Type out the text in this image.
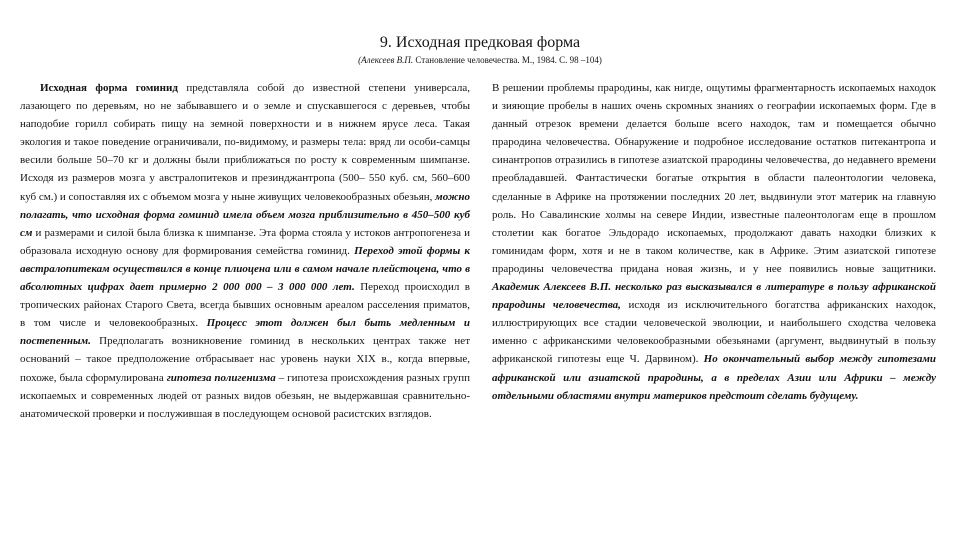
9. Исходная предковая форма
(Алексеев В.П. Становление человечества. М., 1984. С. 98 –104)

Исходная форма гоминид представляла собой до известной степени универсала, лазающего по деревьям, но не забывавшего и о земле и спускавшегося с деревьев, чтобы наподобие горилл собирать пищу на земной поверхности и в нижнем ярусе леса. Такая экология и такое поведение ограничивали, по-видимому, и размеры тела: вряд ли особи-самцы весили больше 50–70 кг и должны были приближаться по росту к современным шимпанзе. Исходя из размеров мозга у австралопитеков и презинджантропа (500– 550 куб. см, 560–600 куб см.) и сопоставляя их с объемом мозга у ныне живущих человекообразных обезьян, можно полагать, что исходная форма гоминид имела объем мозга приблизительно в 450–500 куб см и размерами и силой была близка к шимпанзе. Эта форма стояла у истоков антропогенеза и образовала исходную основу для формирования семейства гоминид. Переход этой формы к австралопитекам осуществился в конце плиоцена или в самом начале плейстоцена, что в абсолютных цифрах дает примерно 2 000 000 – 3 000 000 лет. Переход происходил в тропических районах Старого Света, всегда бывших основным ареалом расселения приматов, в том числе и человекообразных. Процесс этот должен был быть медленным и постепенным. Предполагать возникновение гоминид в нескольких центрах также нет оснований – такое предположение отбрасывает нас уровень науки XIX в., когда впервые, похоже, была сформулирована гипотеза полигенизма – гипотеза происхождения разных групп ископаемых и современных людей от разных видов обезьян, не выдержавшая сравнительно-анатомической проверки и послужившая в последующем основой расистских взглядов.

В решении проблемы прародины, как нигде, ощутимы фрагментарность ископаемых находок и зияющие пробелы в наших очень скромных знаниях о географии ископаемых форм. Где в данный отрезок времени делается больше всего находок, там и помещается обычно прародина человечества. Обнаружение и подробное исследование остатков питекантропа и синантропов отразились в гипотезе азиатской прародины человечества, до недавнего времени преобладавшей. Фантастически богатые открытия в области палеонтологии человека, сделанные в Африке на протяжении последних 20 лет, выдвинули этот материк на главную роль. Но Савалинские холмы на севере Индии, известные палеонтологам еще в прошлом столетии как богатое Эльдорадо ископаемых, продолжают давать находки близких к гоминидам форм, хотя и не в таком количестве, как в Африке. Этим азиатской гипотезе прародины человечества придана новая жизнь, и у нее появились новые защитники. Академик Алексеев В.П. несколько раз высказывался в литературе в пользу африканской прародины человечества, исходя из исключительного богатства африканских находок, иллюстрирующих все стадии человеческой эволюции, и наибольшего сходства человека именно с африканскими человекообразными обезьянами (аргумент, выдвинутый в пользу африканской гипотезы еще Ч. Дарвином). Но окончательный выбор между гипотезами африканской или азиатской прародины, а в пределах Азии или Африки – между отдельными областями внутри материков предстоит сделать будущему.
